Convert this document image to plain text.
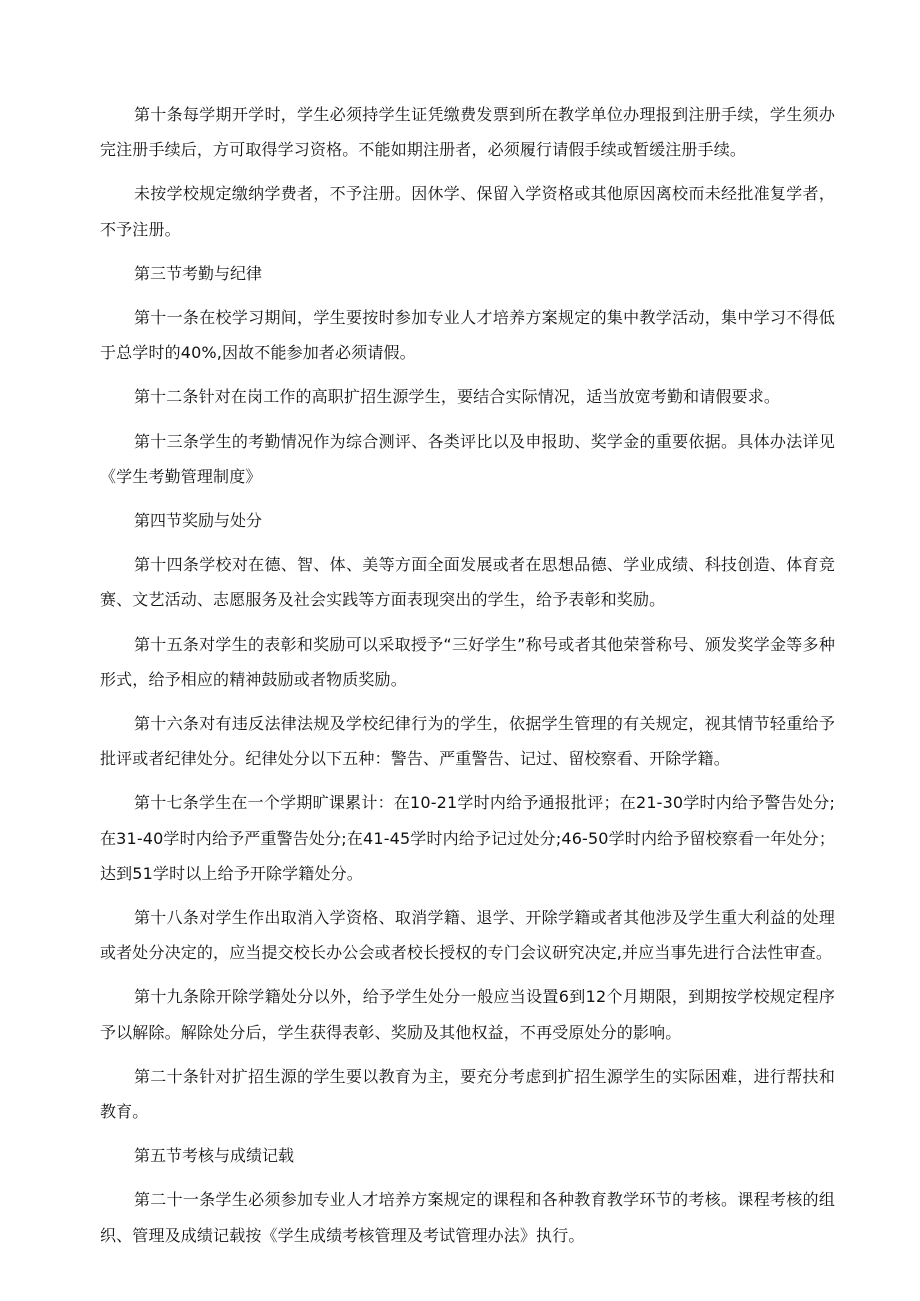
第十条每学期开学时，学生必须持学生证凭缴费发票到所在教学单位办理报到注册手续，学生须办完注册手续后，方可取得学习资格。不能如期注册者，必须履行请假手续或暂缓注册手续。

未按学校规定缴纳学费者，不予注册。因休学、保留入学资格或其他原因离校而未经批准复学者，不予注册。

第三节考勤与纪律

第十一条在校学习期间，学生要按时参加专业人才培养方案规定的集中教学活动，集中学习不得低于总学时的40%,因故不能参加者必须请假。

第十二条针对在岗工作的高职扩招生源学生，要结合实际情况，适当放宽考勤和请假要求。

第十三条学生的考勤情况作为综合测评、各类评比以及申报助、奖学金的重要依据。具体办法详见《学生考勤管理制度》

第四节奖励与处分

第十四条学校对在德、智、体、美等方面全面发展或者在思想品德、学业成绩、科技创造、体育竞赛、文艺活动、志愿服务及社会实践等方面表现突出的学生，给予表彰和奖励。

第十五条对学生的表彰和奖励可以采取授予“三好学生”称号或者其他荣誉称号、颁发奖学金等多种形式，给予相应的精神鼓励或者物质奖励。

第十六条对有违反法律法规及学校纪律行为的学生，依据学生管理的有关规定，视其情节轻重给予批评或者纪律处分。纪律处分以下五种：警告、严重警告、记过、留校察看、开除学籍。

第十七条学生在一个学期旷课累计：在10-21学时内给予通报批评；在21-30学时内给予警告处分;在31-40学时内给予严重警告处分;在41-45学时内给予记过处分;46-50学时内给予留校察看一年处分；达到51学时以上给予开除学籍处分。

第十八条对学生作出取消入学资格、取消学籍、退学、开除学籍或者其他涉及学生重大利益的处理或者处分决定的，应当提交校长办公会或者校长授权的专门会议研究决定,并应当事先进行合法性审查。

第十九条除开除学籍处分以外，给予学生处分一般应当设置6到12个月期限，到期按学校规定程序予以解除。解除处分后，学生获得表彰、奖励及其他权益，不再受原处分的影响。

第二十条针对扩招生源的学生要以教育为主，要充分考虑到扩招生源学生的实际困难，进行帮扶和教育。

第五节考核与成绩记载

第二十一条学生必须参加专业人才培养方案规定的课程和各种教育教学环节的考核。课程考核的组织、管理及成绩记载按《学生成绩考核管理及考试管理办法》执行。
